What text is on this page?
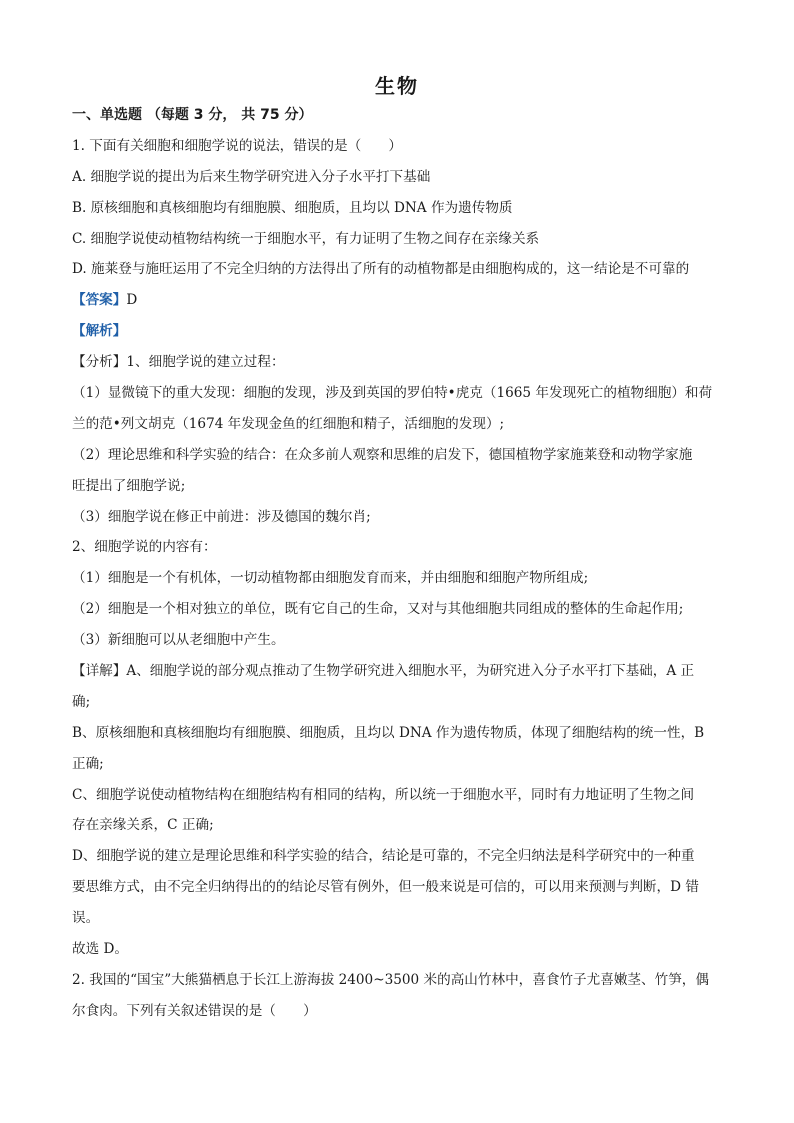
生物
一、单选题 （每题 3 分， 共 75 分）
1. 下面有关细胞和细胞学说的说法，错误的是（　　）
A. 细胞学说的提出为后来生物学研究进入分子水平打下基础
B. 原核细胞和真核细胞均有细胞膜、细胞质，且均以 DNA 作为遗传物质
C. 细胞学说使动植物结构统一于细胞水平，有力证明了生物之间存在亲缘关系
D. 施莱登与施旺运用了不完全归纳的方法得出了所有的动植物都是由细胞构成的，这一结论是不可靠的
【答案】D
【解析】
【分析】1、细胞学说的建立过程：
（1）显微镜下的重大发现：细胞的发现，涉及到英国的罗伯特•虎克（1665 年发现死亡的植物细胞）和荷
兰的范•列文胡克（1674 年发现金鱼的红细胞和精子，活细胞的发现）;
（2）理论思维和科学实验的结合：在众多前人观察和思维的启发下，德国植物学家施莱登和动物学家施
旺提出了细胞学说;
（3）细胞学说在修正中前进：涉及德国的魏尔肖;
2、细胞学说的内容有：
（1）细胞是一个有机体，一切动植物都由细胞发育而来，并由细胞和细胞产物所组成;
（2）细胞是一个相对独立的单位，既有它自己的生命，又对与其他细胞共同组成的整体的生命起作用;
（3）新细胞可以从老细胞中产生。
【详解】A、细胞学说的部分观点推动了生物学研究进入细胞水平，为研究进入分子水平打下基础，A 正
确;
B、原核细胞和真核细胞均有细胞膜、细胞质，且均以 DNA 作为遗传物质，体现了细胞结构的统一性，B
正确;
C、细胞学说使动植物结构在细胞结构有相同的结构，所以统一于细胞水平，同时有力地证明了生物之间
存在亲缘关系，C 正确;
D、细胞学说的建立是理论思维和科学实验的结合，结论是可靠的，不完全归纳法是科学研究中的一种重
要思维方式，由不完全归纳得出的的结论尽管有例外，但一般来说是可信的，可以用来预测与判断，D 错
误。
故选 D。
2. 我国的“国宝”大熊猫栖息于长江上游海拔 2400~3500 米的高山竹林中，喜食竹子尤喜嫩茎、竹笋，偶
尔食肉。下列有关叙述错误的是（　　）
